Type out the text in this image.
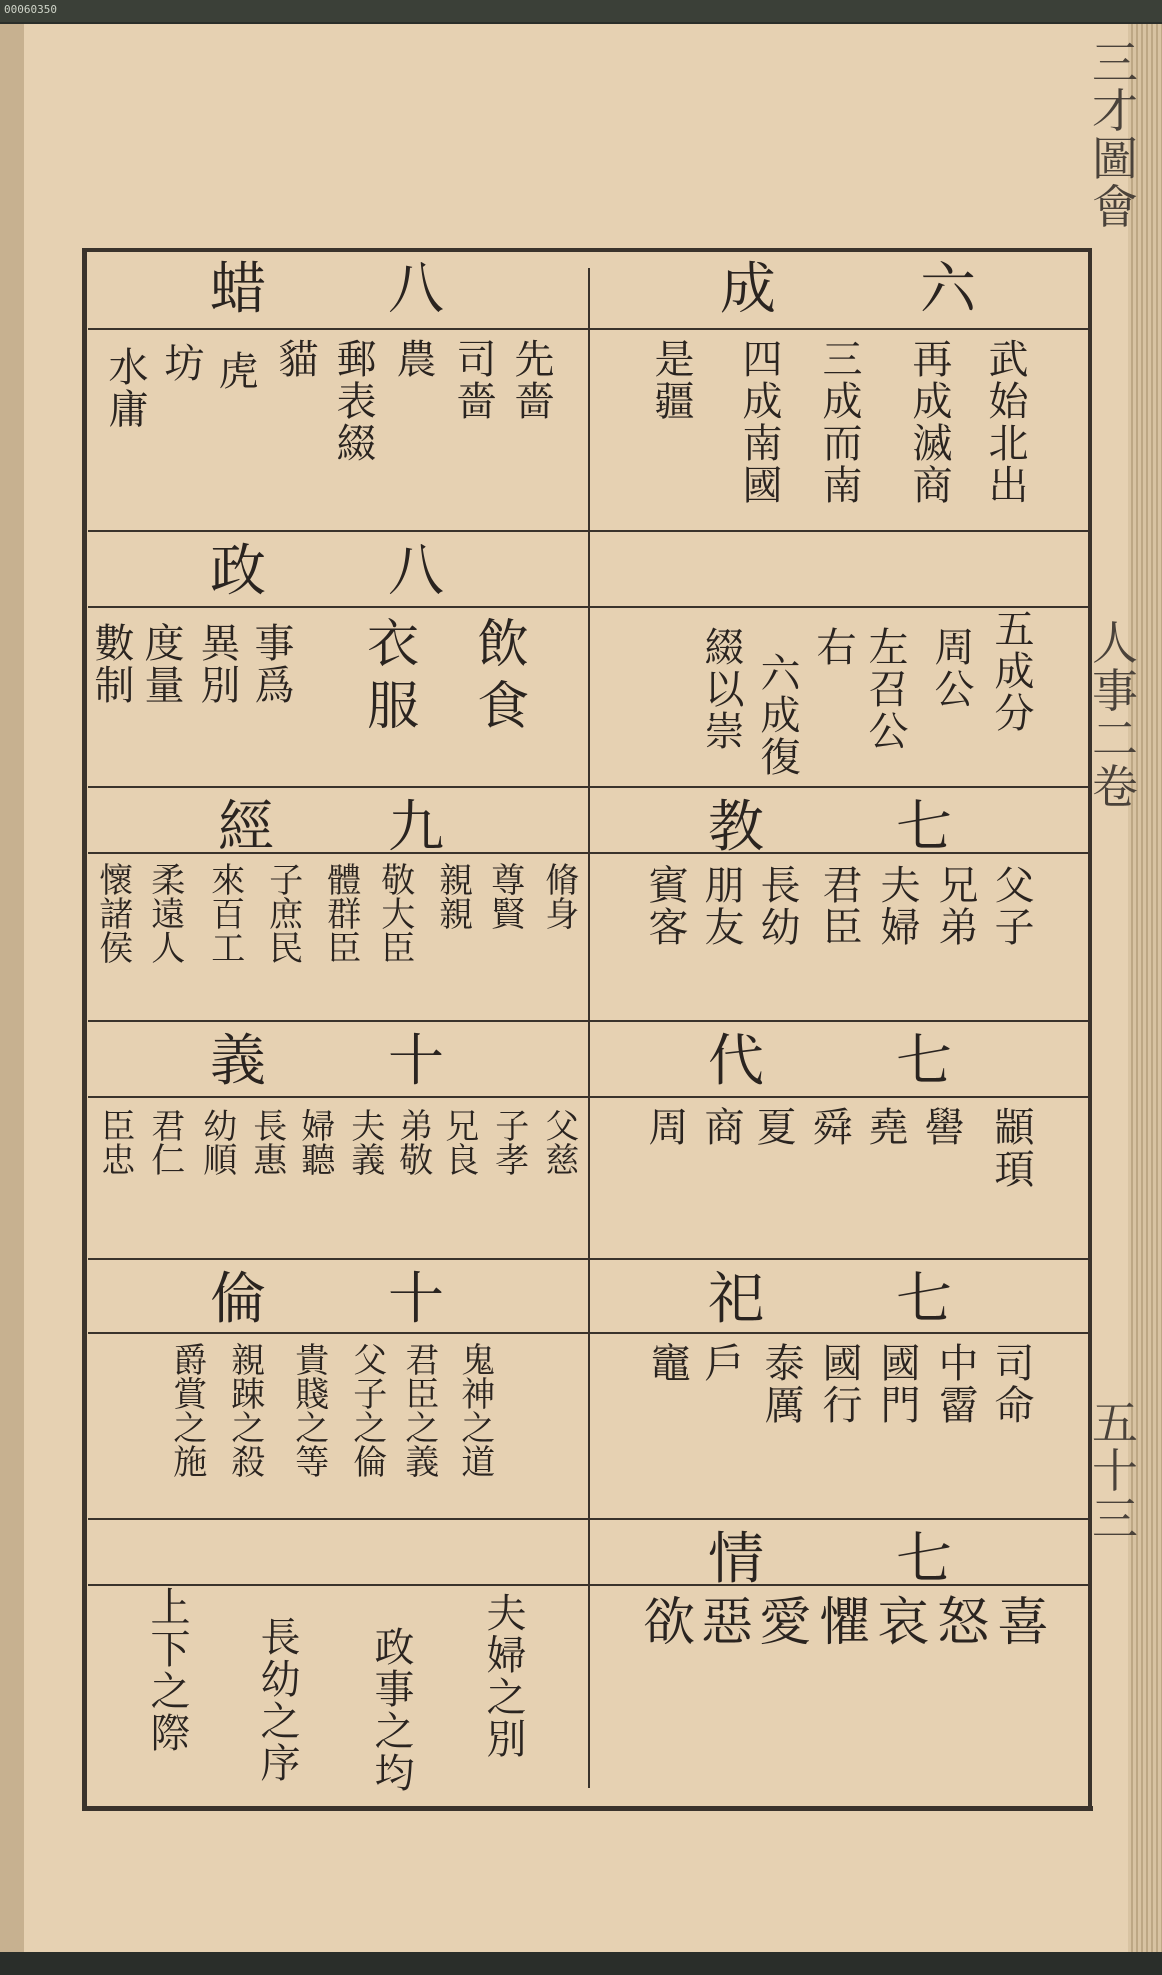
00060350
三
才
圖
會
人
事
二
卷
五
十
三
六
成
武始北出
再成滅商
三成而南
四成南國
是疆
八
蜡
先嗇
司嗇
農
郵表綴
貓
虎
坊
水庸
八
政
飲食
衣服
事爲
異別
度量
數制	五成分
周公
左召公
右
六成復
綴以崇
七
教
父子
兄弟
夫婦
君臣
長幼
朋友
賓客
九
經
脩身
尊賢
親親
敬大臣
體群臣
子庶民
來百工
柔遠人
懷諸侯
七
代
顓頊
嚳
堯
舜
夏
商
周
十
義
父慈
子孝
兄良
弟敬
夫義
婦聽
長惠
幼順
君仁
臣忠
七
祀
司命
中霤
國門
國行
泰厲
戶
竈
十
倫
鬼神之道
君臣之義
父子之倫
貴賤之等
親踈之殺
爵賞之施
七
情
喜
怒
哀
懼
愛
惡
欲
夫婦之別
政事之均
長幼之序
上下之際
